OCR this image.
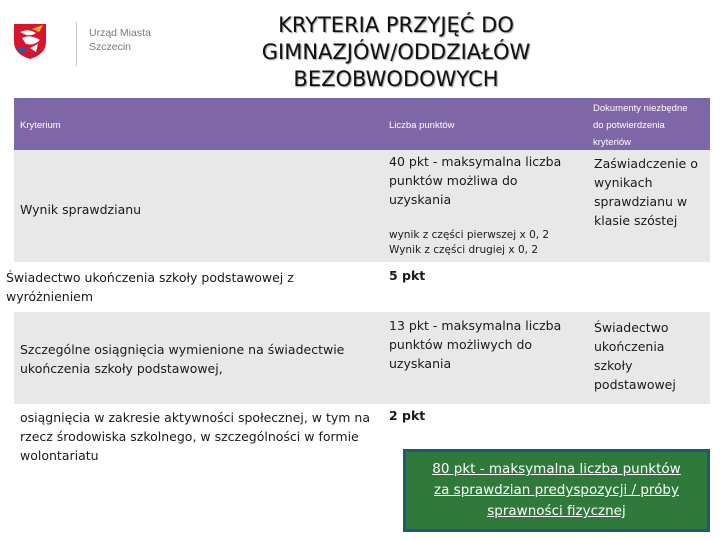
Urząd Miasta
Szczecin
KRYTERIA PRZYJĘĆ DO
GIMNAZJÓW/ODDZIAŁÓW
BEZOBWODOWYCH
Kryterium	Liczba punktów
Dokumenty niezbędne
do potwierdzenia
kryteriów
Wynik sprawdzianu
40 pkt - maksymalna liczba
punktów możliwa do
uzyskania
wynik z części pierwszej x 0, 2
Wynik z części drugiej x 0, 2
Zaświadczenie o
wynikach
sprawdzianu w
klasie szóstej
Świadectwo ukończenia szkoły podstawowej z
wyróżnieniem
5 pkt
Szczególne osiągnięcia wymienione na świadectwie
ukończenia szkoły podstawowej,
13 pkt - maksymalna liczba
punktów możliwych do
uzyskania
Świadectwo
ukończenia
szkoły
podstawowej
osiągnięcia w zakresie aktywności społecznej, w tym na
rzecz środowiska szkolnego, w szczególności w formie
wolontariatu
2 pkt
80 pkt - maksymalna liczba punktów
za sprawdzian predyspozycji / próby
sprawności fizycznej
